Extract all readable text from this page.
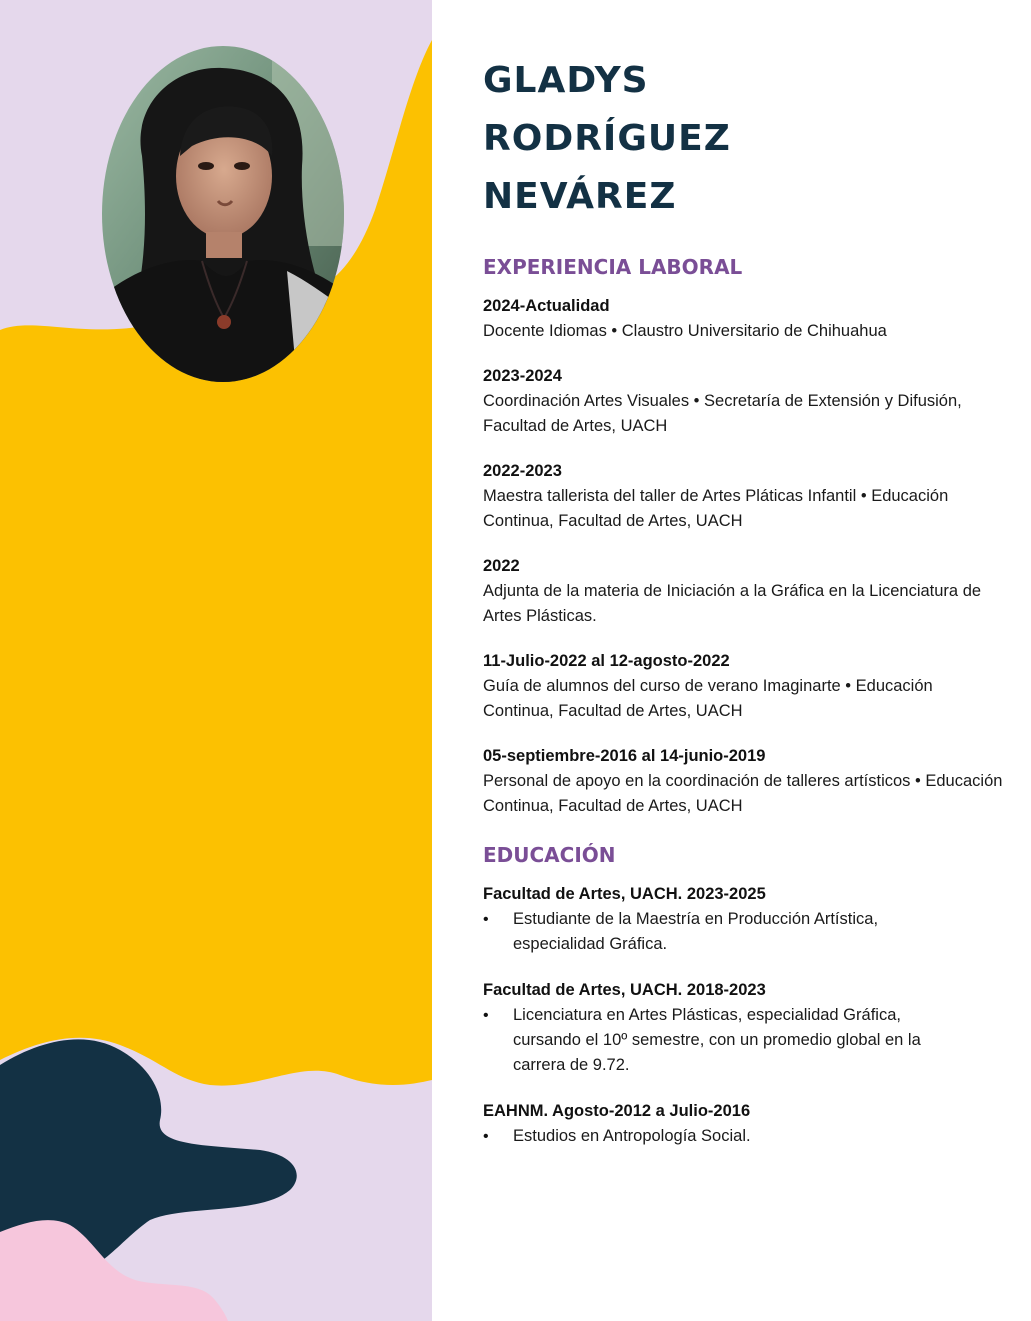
GLADYS
RODRÍGUEZ
NEVÁREZ
EXPERIENCIA LABORAL
2024-Actualidad
Docente Idiomas • Claustro Universitario de Chihuahua
2023-2024
Coordinación Artes Visuales • Secretaría de Extensión y Difusión, Facultad de Artes, UACH
2022-2023
Maestra tallerista del taller de Artes Pláticas Infantil • Educación Continua, Facultad de Artes, UACH
2022
Adjunta de la materia de Iniciación a la Gráfica en la Licenciatura de Artes Plásticas.
11-Julio-2022 al 12-agosto-2022
Guía de alumnos del curso de verano Imaginarte • Educación Continua, Facultad de Artes, UACH
05-septiembre-2016 al 14-junio-2019
Personal de apoyo en la coordinación de talleres artísticos • Educación Continua, Facultad de Artes, UACH
EDUCACIÓN
Facultad de Artes, UACH. 2023-2025
•	Estudiante de la Maestría en Producción Artística, especialidad Gráfica.
Facultad de Artes, UACH. 2018-2023
•	Licenciatura en Artes Plásticas, especialidad Gráfica, cursando el 10º semestre, con un promedio global en la carrera de 9.72.
EAHNM. Agosto-2012 a Julio-2016
•	Estudios en Antropología Social.
